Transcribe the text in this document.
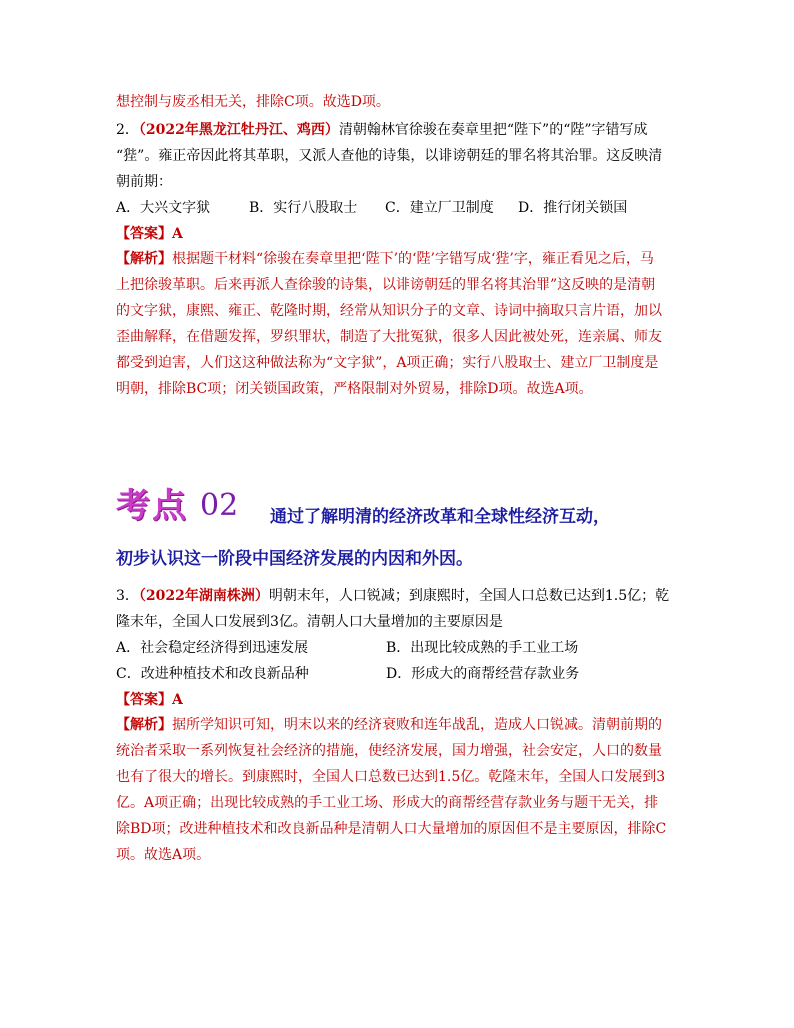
想控制与废丞相无关，排除C项。故选D项。
2．（2022年黑龙江牡丹江、鸡西）清朝翰林官徐骏在奏章里把“陛下”的“陛”字错写成
“狴”。雍正帝因此将其革职，又派人查他的诗集，以诽谤朝廷的罪名将其治罪。这反映清
朝前期：
A．大兴文字狱	B．实行八股取士	C．建立厂卫制度	D．推行闭关锁国
【答案】A
【解析】根据题干材料“徐骏在奏章里把‘陛下’的‘陛’字错写成‘狴’字，雍正看见之后，马
上把徐骏革职。后来再派人查徐骏的诗集，以诽谤朝廷的罪名将其治罪”这反映的是清朝
的文字狱，康熙、雍正、乾隆时期，经常从知识分子的文章、诗词中摘取只言片语，加以
歪曲解释，在借题发挥，罗织罪状，制造了大批冤狱，很多人因此被处死，连亲属、师友
都受到迫害，人们这这种做法称为“文字狱”，A项正确；实行八股取士、建立厂卫制度是
明朝，排除BC项；闭关锁国政策，严格限制对外贸易，排除D项。故选A项。
考点 02 通过了解明清的经济改革和全球性经济互动，
初步认识这一阶段中国经济发展的内因和外因。
3．（2022年湖南株洲）明朝末年，人口锐减；到康熙时，全国人口总数已达到1.5亿；乾
隆末年，全国人口发展到3亿。清朝人口大量增加的主要原因是
A．社会稳定经济得到迅速发展	B．出现比较成熟的手工业工场
C．改进种植技术和改良新品种	D．形成大的商帮经营存款业务
【答案】A
【解析】据所学知识可知，明末以来的经济衰败和连年战乱，造成人口锐减。清朝前期的
统治者采取一系列恢复社会经济的措施，使经济发展，国力增强，社会安定，人口的数量
也有了很大的增长。到康熙时，全国人口总数已达到1.5亿。乾隆末年，全国人口发展到3
亿。A项正确；出现比较成熟的手工业工场、形成大的商帮经营存款业务与题干无关，排
除BD项；改进种植技术和改良新品种是清朝人口大量增加的原因但不是主要原因，排除C
项。故选A项。
